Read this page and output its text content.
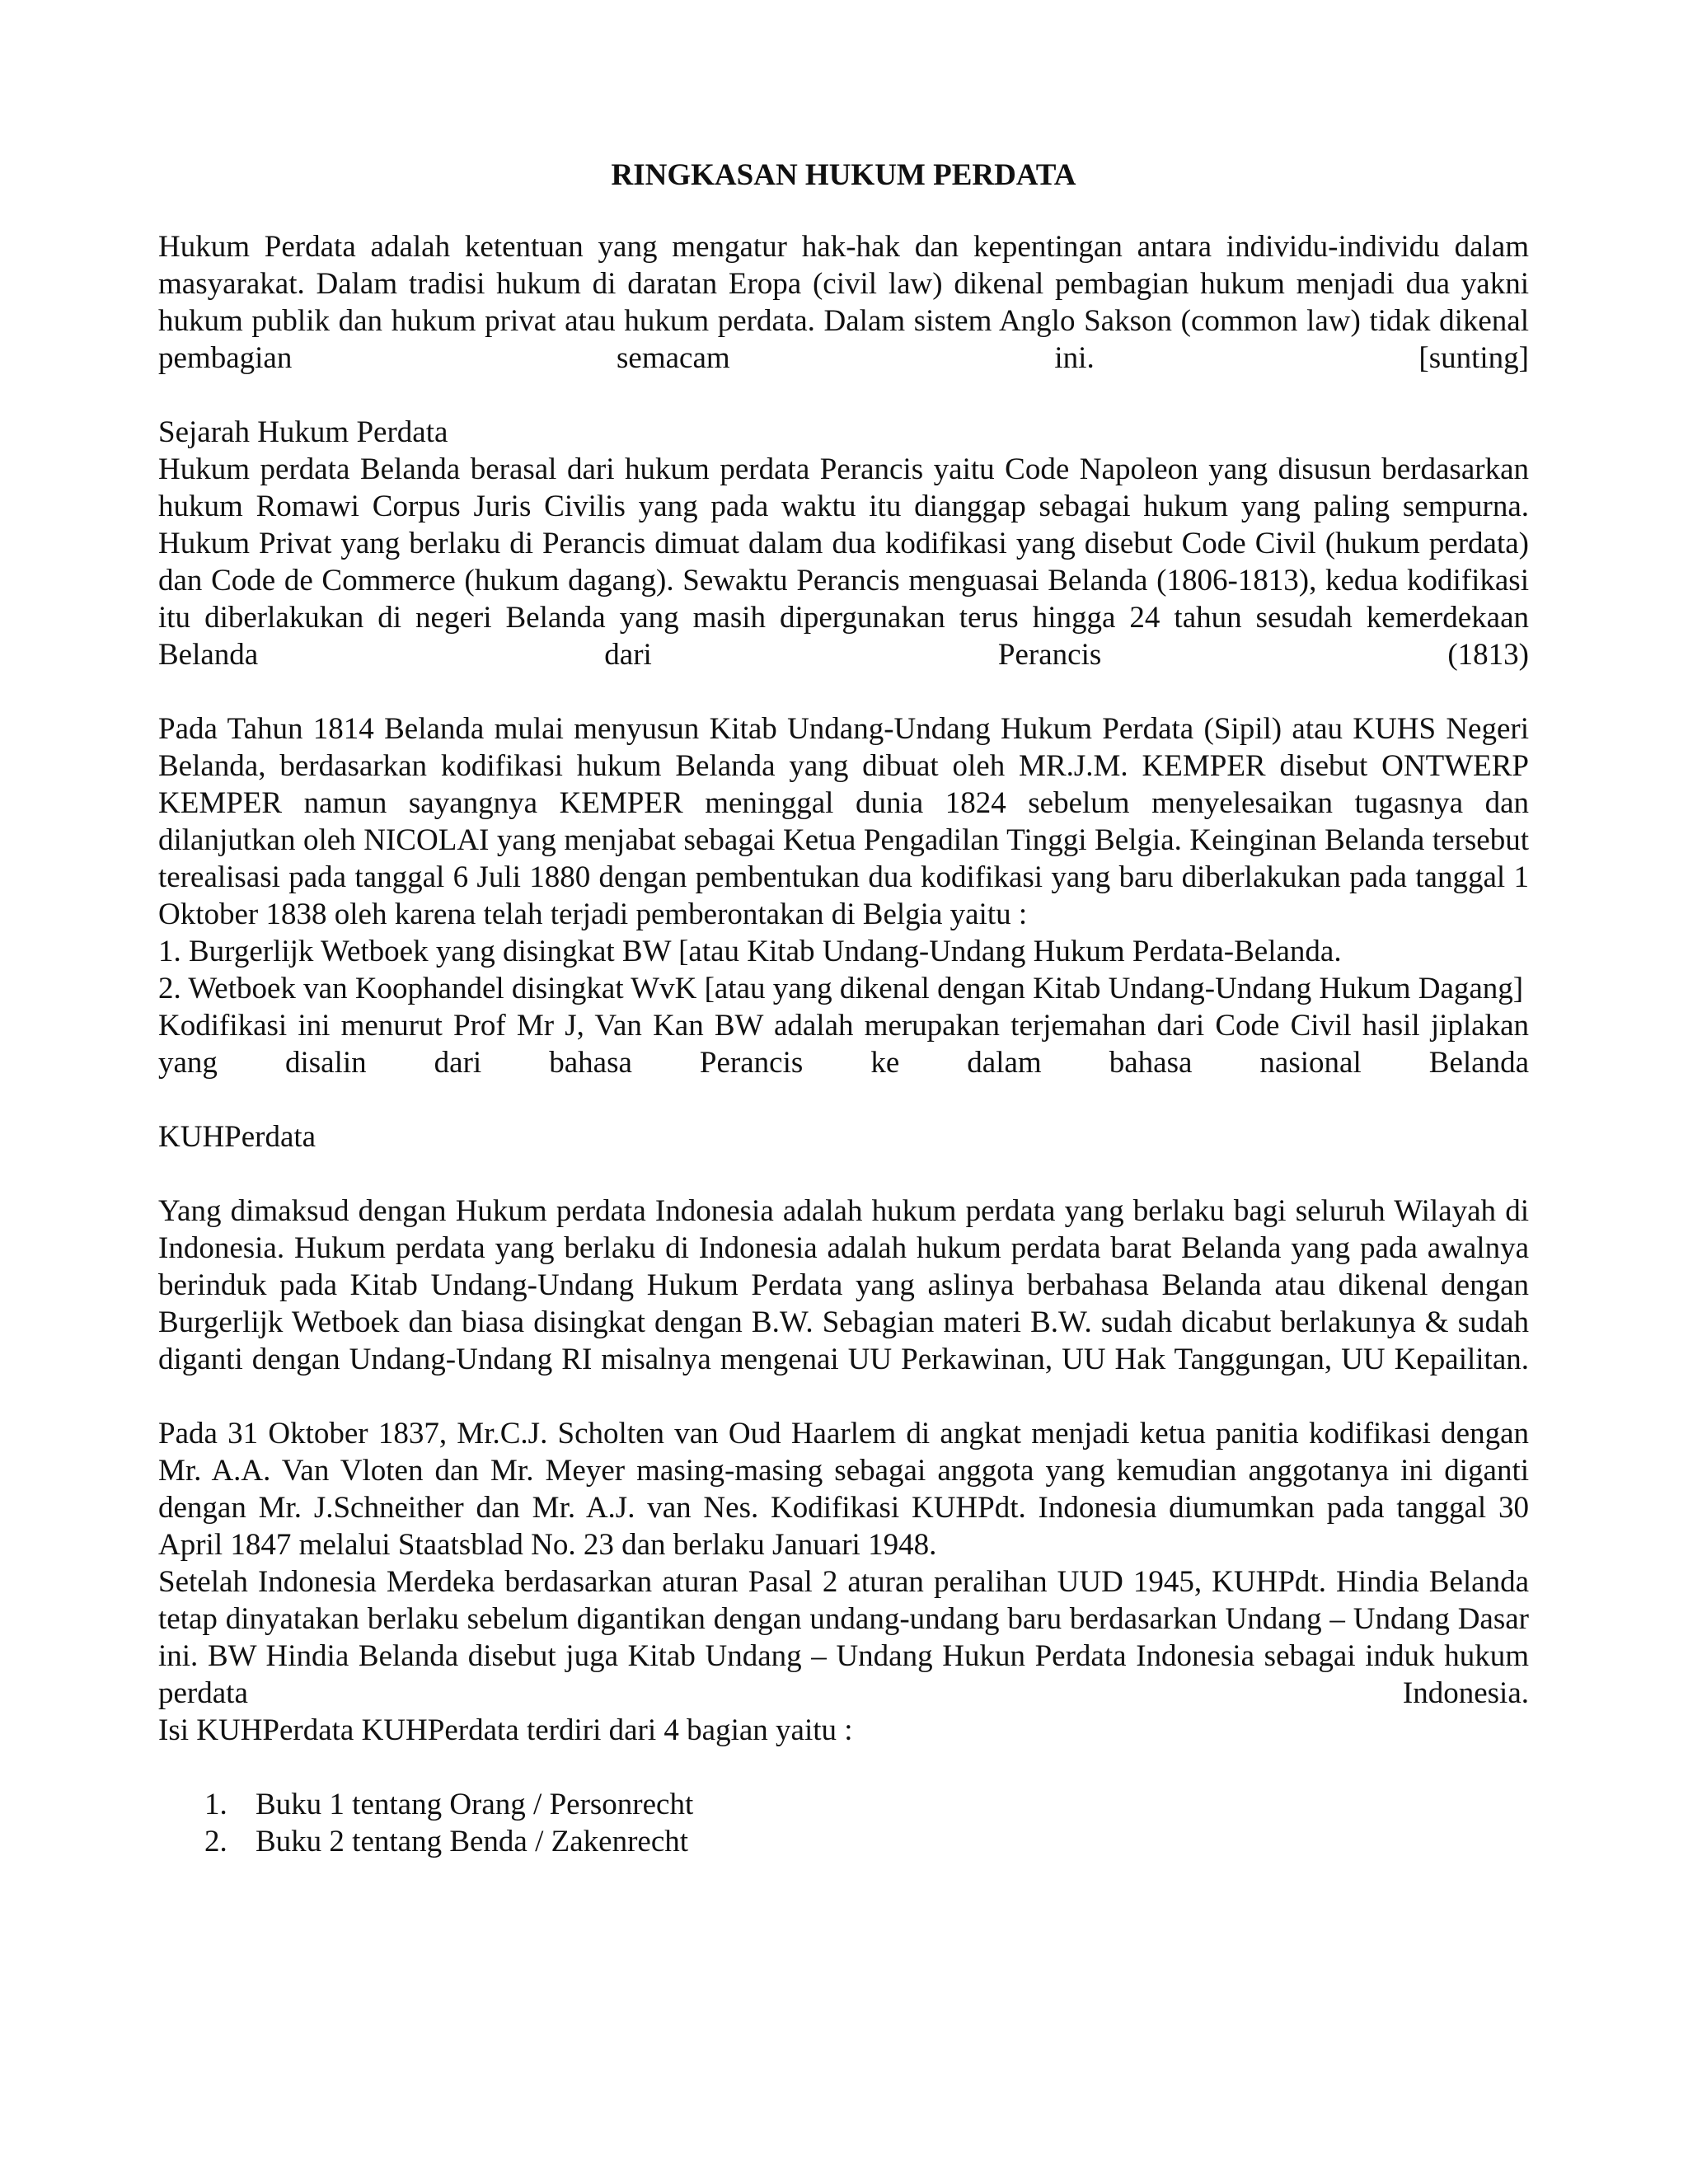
RINGKASAN HUKUM PERDATA

Hukum Perdata adalah ketentuan yang mengatur hak-hak dan kepentingan antara individu-individu dalam masyarakat. Dalam tradisi hukum di daratan Eropa (civil law) dikenal pembagian hukum menjadi dua yakni hukum publik dan hukum privat atau hukum perdata. Dalam sistem Anglo Sakson (common law) tidak dikenal pembagian semacam ini. [sunting]

Sejarah Hukum Perdata

Hukum perdata Belanda berasal dari hukum perdata Perancis yaitu Code Napoleon yang disusun berdasarkan hukum Romawi Corpus Juris Civilis yang pada waktu itu dianggap sebagai hukum yang paling sempurna. Hukum Privat yang berlaku di Perancis dimuat dalam dua kodifikasi yang disebut Code Civil (hukum perdata) dan Code de Commerce (hukum dagang). Sewaktu Perancis menguasai Belanda (1806-1813), kedua kodifikasi itu diberlakukan di negeri Belanda yang masih dipergunakan terus hingga 24 tahun sesudah kemerdekaan Belanda dari Perancis (1813)

Pada Tahun 1814 Belanda mulai menyusun Kitab Undang-Undang Hukum Perdata (Sipil) atau KUHS Negeri Belanda, berdasarkan kodifikasi hukum Belanda yang dibuat oleh MR.J.M. KEMPER disebut ONTWERP KEMPER namun sayangnya KEMPER meninggal dunia 1824 sebelum menyelesaikan tugasnya dan dilanjutkan oleh NICOLAI yang menjabat sebagai Ketua Pengadilan Tinggi Belgia. Keinginan Belanda tersebut terealisasi pada tanggal 6 Juli 1880 dengan pembentukan dua kodifikasi yang baru diberlakukan pada tanggal 1 Oktober 1838 oleh karena telah terjadi pemberontakan di Belgia yaitu :

1. Burgerlijk Wetboek yang disingkat BW [atau Kitab Undang-Undang Hukum Perdata-Belanda.

2. Wetboek van Koophandel disingkat WvK [atau yang dikenal dengan Kitab Undang-Undang Hukum Dagang]

Kodifikasi ini menurut Prof Mr J, Van Kan BW adalah merupakan terjemahan dari Code Civil hasil jiplakan yang disalin dari bahasa Perancis ke dalam bahasa nasional Belanda

KUHPerdata

Yang dimaksud dengan Hukum perdata Indonesia adalah hukum perdata yang berlaku bagi seluruh Wilayah di Indonesia. Hukum perdata yang berlaku di Indonesia adalah hukum perdata barat Belanda yang pada awalnya berinduk pada Kitab Undang-Undang Hukum Perdata yang aslinya berbahasa Belanda atau dikenal dengan Burgerlijk Wetboek dan biasa disingkat dengan B.W. Sebagian materi B.W. sudah dicabut berlakunya & sudah diganti dengan Undang-Undang RI misalnya mengenai UU Perkawinan, UU Hak Tanggungan, UU Kepailitan.

Pada 31 Oktober 1837, Mr.C.J. Scholten van Oud Haarlem di angkat menjadi ketua panitia kodifikasi dengan Mr. A.A. Van Vloten dan Mr. Meyer masing-masing sebagai anggota yang kemudian anggotanya ini diganti dengan Mr. J.Schneither dan Mr. A.J. van Nes. Kodifikasi KUHPdt. Indonesia diumumkan pada tanggal 30 April 1847 melalui Staatsblad No. 23 dan berlaku Januari 1948.

Setelah Indonesia Merdeka berdasarkan aturan Pasal 2 aturan peralihan UUD 1945, KUHPdt. Hindia Belanda tetap dinyatakan berlaku sebelum digantikan dengan undang-undang baru berdasarkan Undang – Undang Dasar ini. BW Hindia Belanda disebut juga Kitab Undang – Undang Hukun Perdata Indonesia sebagai induk hukum perdata Indonesia.

Isi KUHPerdata KUHPerdata terdiri dari 4 bagian yaitu :

1. Buku 1 tentang Orang / Personrecht
2. Buku 2 tentang Benda / Zakenrecht
